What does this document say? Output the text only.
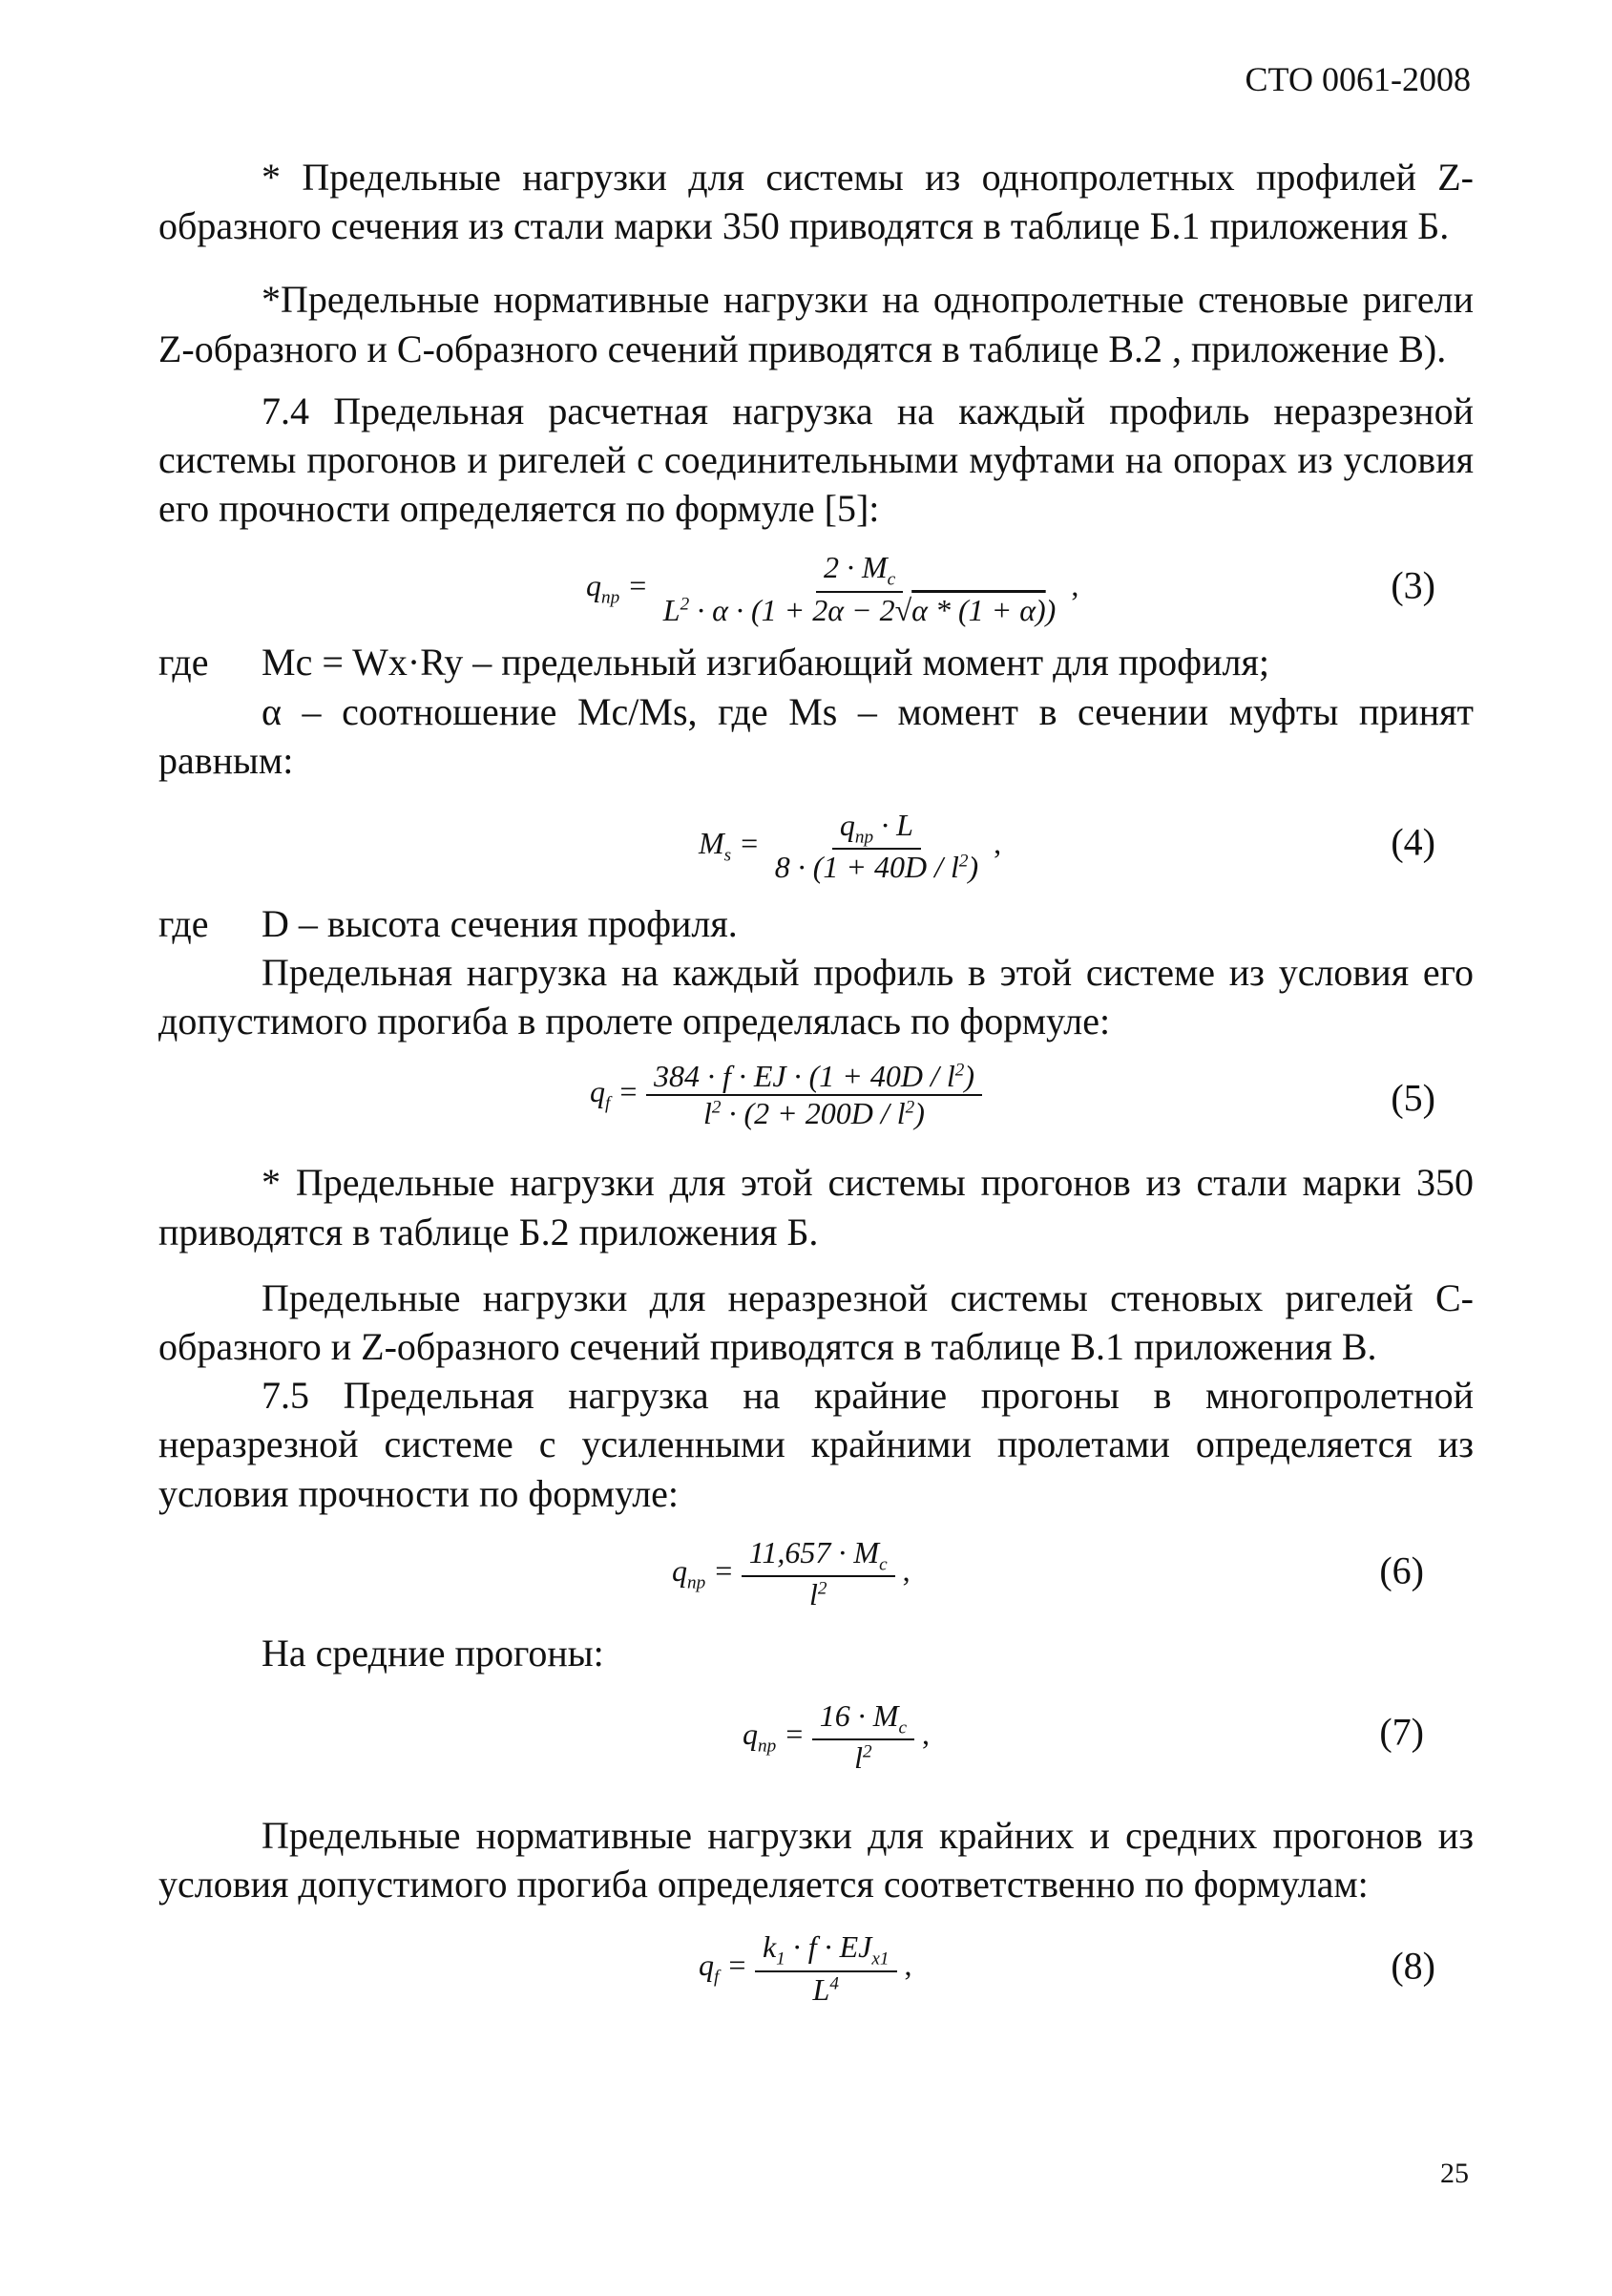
СТО 0061-2008

* Предельные нагрузки для системы из однопролетных профилей Z-образного сечения из стали марки 350 приводятся в таблице Б.1 приложения Б.

*Предельные нормативные нагрузки на однопролетные стеновые ригели Z-образного и С-образного сечений приводятся в таблице В.2 , приложение В).

7.4 Предельная расчетная нагрузка на каждый профиль неразрезной системы прогонов и ригелей с соединительными муфтами на опорах из условия его прочности определяется по формуле [5]:

$q_{пр} = \frac{2 \cdot M_c}{L^2 \cdot \alpha \cdot (1 + 2\alpha - 2√\alpha * (1 + \alpha))}$ ,	(3)
где	Mc = Wx·Ry – предельный изгибающий момент для профиля;

α – соотношение Mc/Ms, где Ms – момент в сечении муфты принят равным:

$M_s = \frac{q_{пр} \cdot L}{8 \cdot (1 + 40D / l^2)}$ ,	(4)
где	D – высота сечения профиля.

Предельная нагрузка на каждый профиль в этой системе из условия его допустимого прогиба в пролете определялась по формуле:

$q_f = \frac{384 \cdot f \cdot EJ \cdot (1 + 40D / l^2)}{l^2 \cdot (2 + 200D / l^2)}$	(5)

* Предельные нагрузки для этой системы прогонов из стали марки 350 приводятся в таблице Б.2 приложения Б.

Предельные нагрузки для неразрезной системы стеновых ригелей С-образного и Z-образного сечений приводятся в таблице В.1 приложения В.

7.5 Предельная нагрузка на крайние прогоны в многопролетной неразрезной системе с усиленными крайними пролетами определяется из условия прочности по формуле:

$q_{пр} = \frac{11,657 \cdot M_c}{l^2}$ ,	(6)

На средние прогоны:

$q_{пр} = \frac{16 \cdot M_c}{l^2}$ ,	(7)

Предельные нормативные нагрузки для крайних и средних прогонов из условия допустимого прогиба определяется соответственно по формулам:

$q_f = \frac{k_1 \cdot f \cdot EJ_{x1}}{L^4}$ ,	(8)
25
